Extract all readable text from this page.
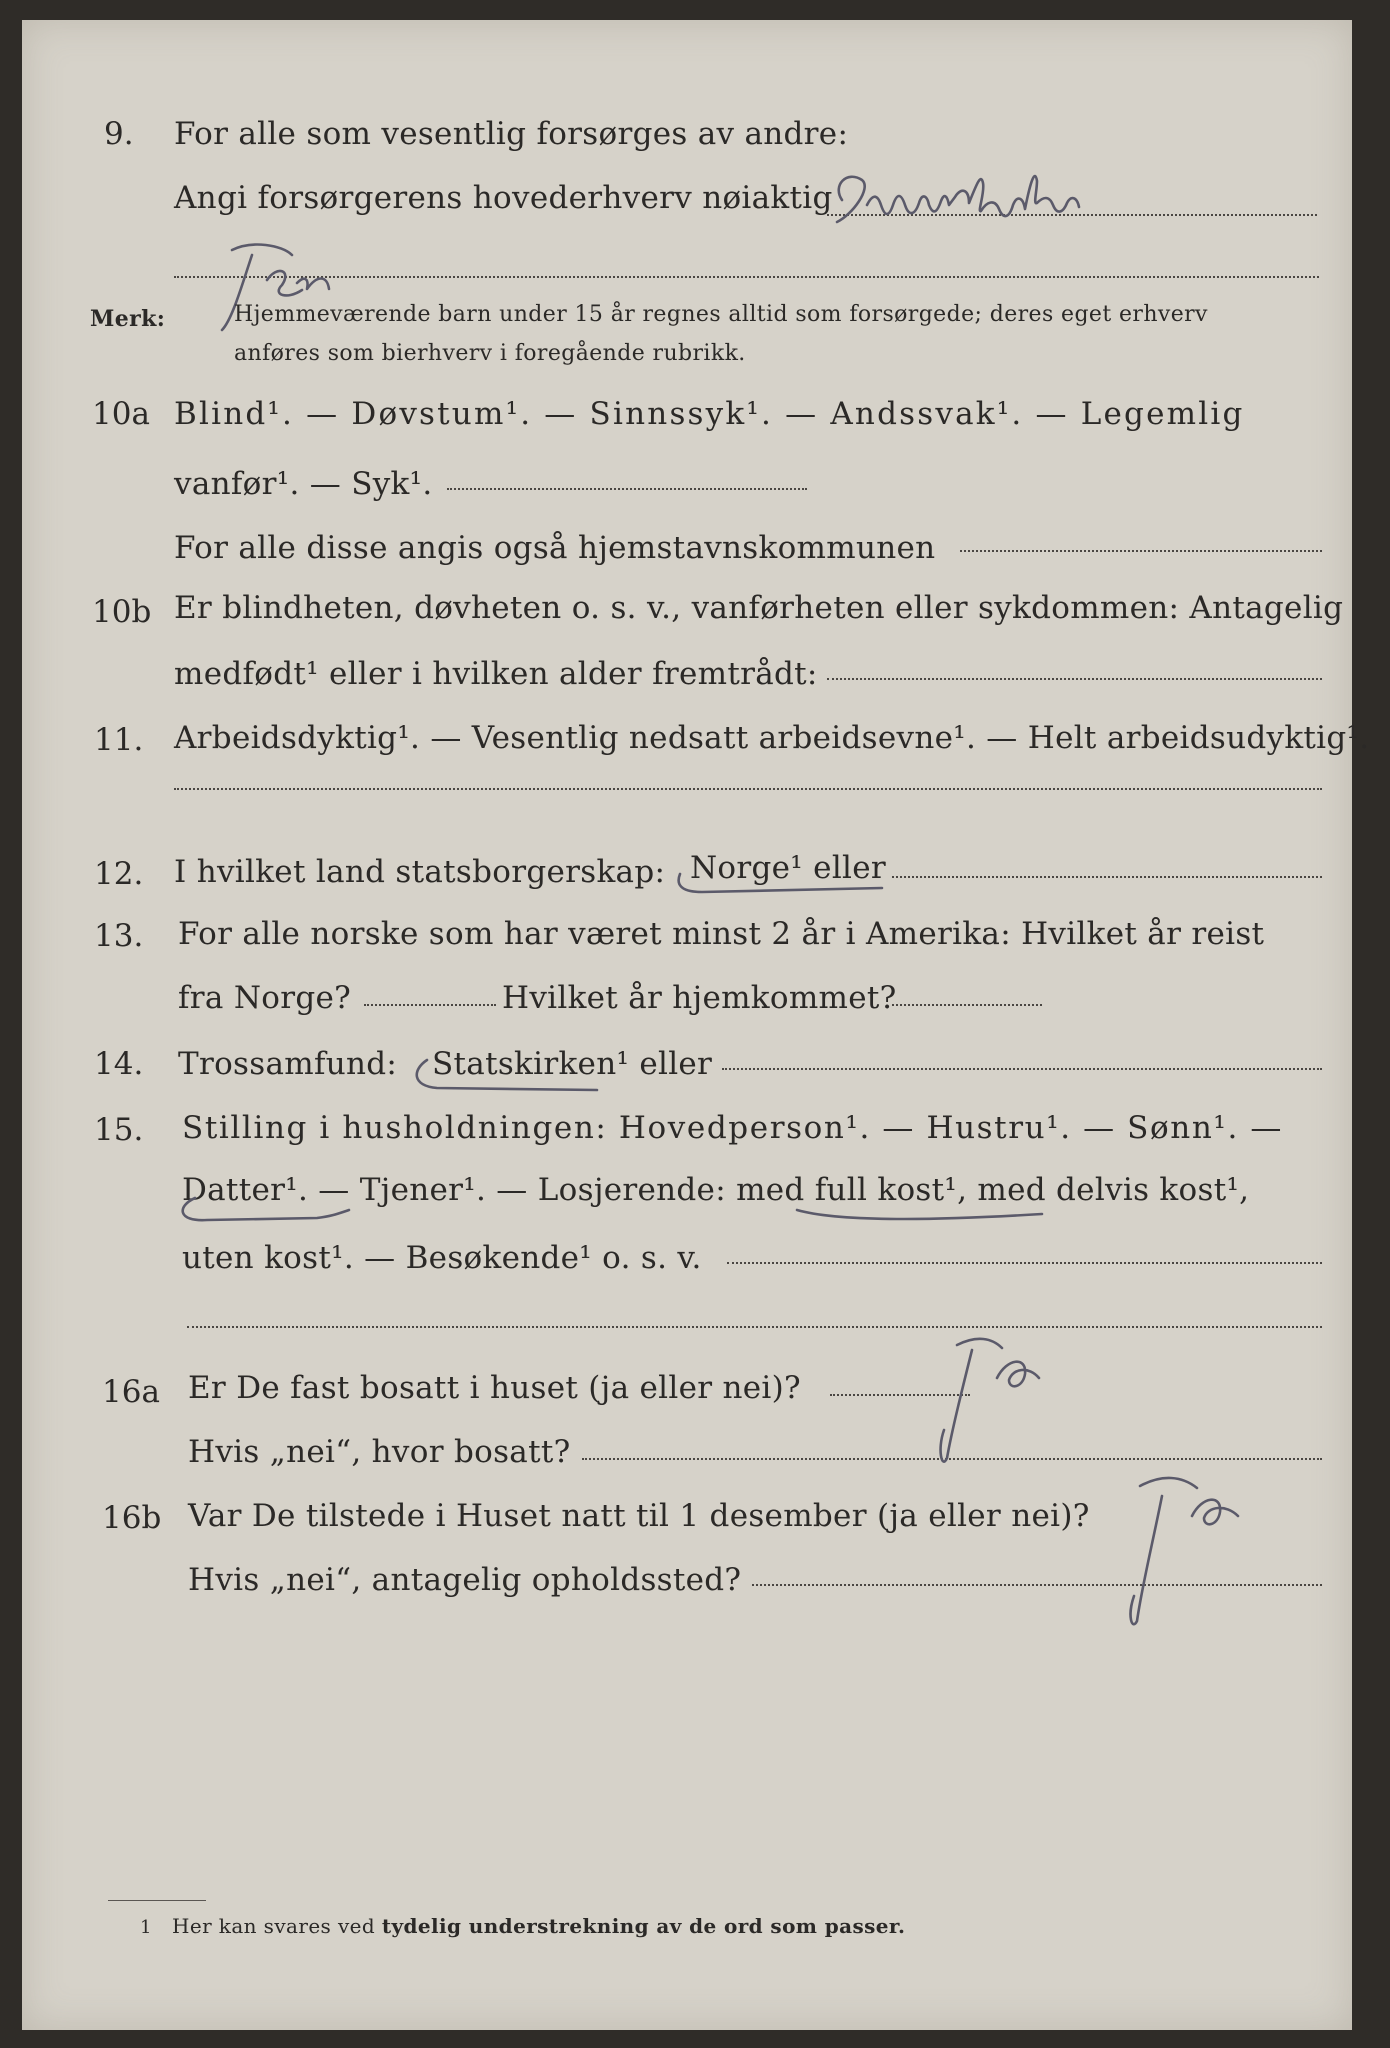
9. For alle som vesentlig forsørges av andre:
Angi forsørgerens hovederhverv nøiaktig
Merk:	Hjemmeværende barn under 15 år regnes alltid som forsørgede; deres eget erhverv
anføres som bierhverv i foregående rubrikk.
10a Blind¹. — Døvstum¹. — Sinnssyk¹. — Andssvak¹. — Legemlig
vanfør¹. — Syk¹.
For alle disse angis også hjemstavnskommunen
10b Er blindheten, døvheten o. s. v., vanførheten eller sykdommen: Antagelig
medfødt¹ eller i hvilken alder fremtrådt:
11. Arbeidsdyktig¹. — Vesentlig nedsatt arbeidsevne¹. — Helt arbeidsudyktig¹.
12. I hvilket land statsborgerskap: Norge¹ eller
13. For alle norske som har været minst 2 år i Amerika: Hvilket år reist
fra Norge?	Hvilket år hjemkommet?
14. Trossamfund: Statskirken¹ eller
15. Stilling i husholdningen: Hovedperson¹. — Hustru¹. — Sønn¹. —
Datter¹. — Tjener¹. — Losjerende: med full kost¹, med delvis kost¹,
uten kost¹. — Besøkende¹ o. s. v.
16a Er De fast bosatt i huset (ja eller nei)?
Hvis „nei“, hvor bosatt?
16b Var De tilstede i Huset natt til 1 desember (ja eller nei)?
Hvis „nei“, antagelig opholdssted?
1 Her kan svares ved tydelig understrekning av de ord som passer.
